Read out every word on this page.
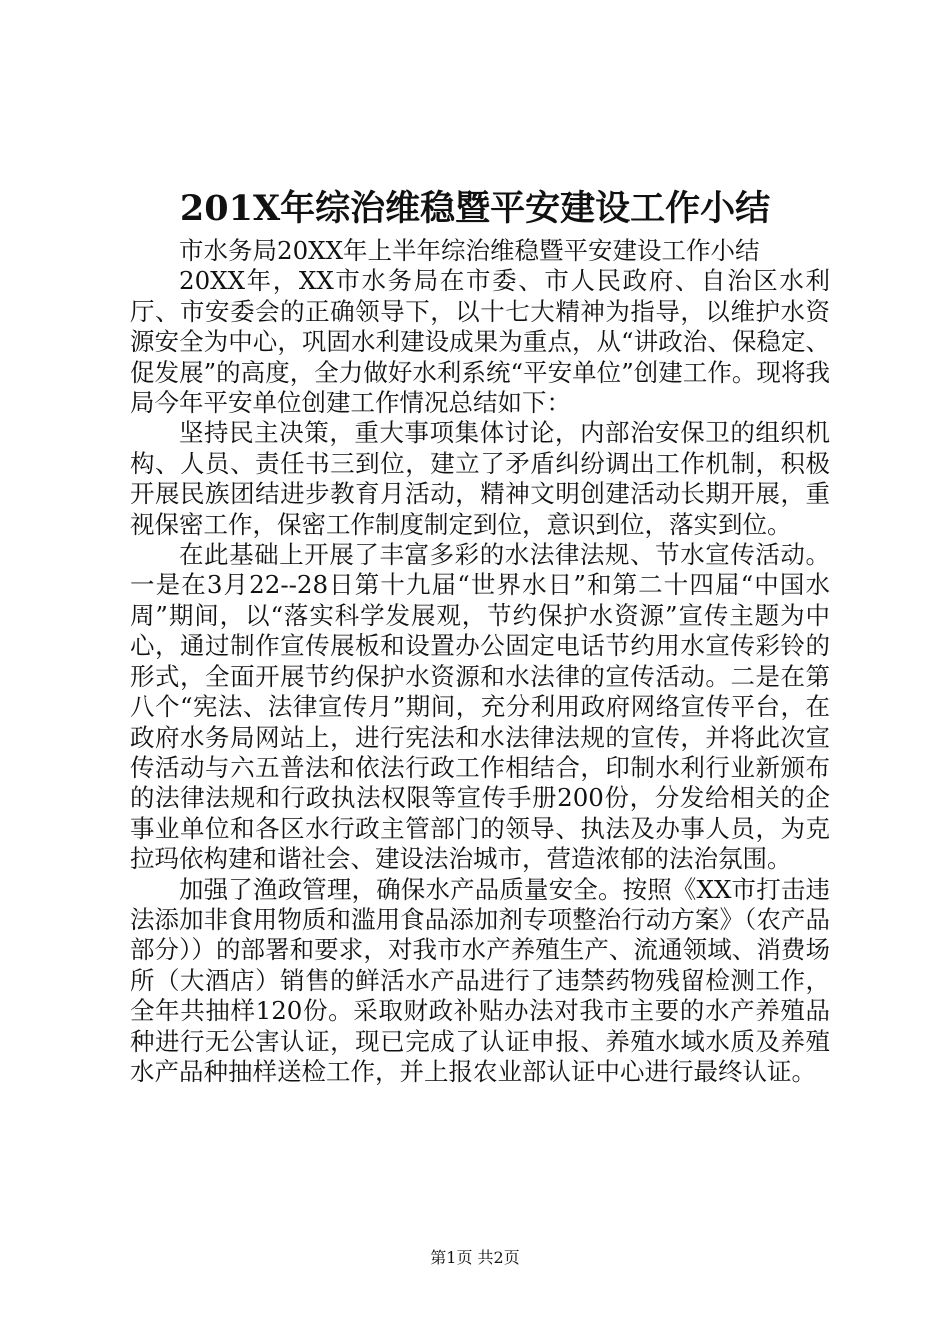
201X年综治维稳暨平安建设工作小结

市水务局20XX年上半年综治维稳暨平安建设工作小结

20XX年，XX市水务局在市委、市人民政府、自治区水利厅、市安委会的正确领导下，以十七大精神为指导，以维护水资源安全为中心，巩固水利建设成果为重点，从“讲政治、保稳定、促发展”的高度，全力做好水利系统“平安单位”创建工作。现将我局今年平安单位创建工作情况总结如下：

坚持民主决策，重大事项集体讨论，内部治安保卫的组织机构、人员、责任书三到位，建立了矛盾纠纷调出工作机制，积极开展民族团结进步教育月活动，精神文明创建活动长期开展，重视保密工作，保密工作制度制定到位，意识到位，落实到位。

在此基础上开展了丰富多彩的水法律法规、节水宣传活动。一是在3月22--28日第十九届“世界水日”和第二十四届“中国水周”期间，以“落实科学发展观，节约保护水资源”宣传主题为中心，通过制作宣传展板和设置办公固定电话节约用水宣传彩铃的形式，全面开展节约保护水资源和水法律的宣传活动。二是在第八个“宪法、法律宣传月”期间，充分利用政府网络宣传平台，在政府水务局网站上，进行宪法和水法律法规的宣传，并将此次宣传活动与六五普法和依法行政工作相结合，印制水利行业新颁布的法律法规和行政执法权限等宣传手册200份，分发给相关的企事业单位和各区水行政主管部门的领导、执法及办事人员，为克拉玛依构建和谐社会、建设法治城市，营造浓郁的法治氛围。

加强了渔政管理，确保水产品质量安全。按照《XX市打击违法添加非食用物质和滥用食品添加剂专项整治行动方案》（农产品部分））的部署和要求，对我市水产养殖生产、流通领域、消费场所（大酒店）销售的鲜活水产品进行了违禁药物残留检测工作，全年共抽样120份。采取财政补贴办法对我市主要的水产养殖品种进行无公害认证，现已完成了认证申报、养殖水域水质及养殖水产品种抽样送检工作，并上报农业部认证中心进行最终认证。

第1页 共2页
